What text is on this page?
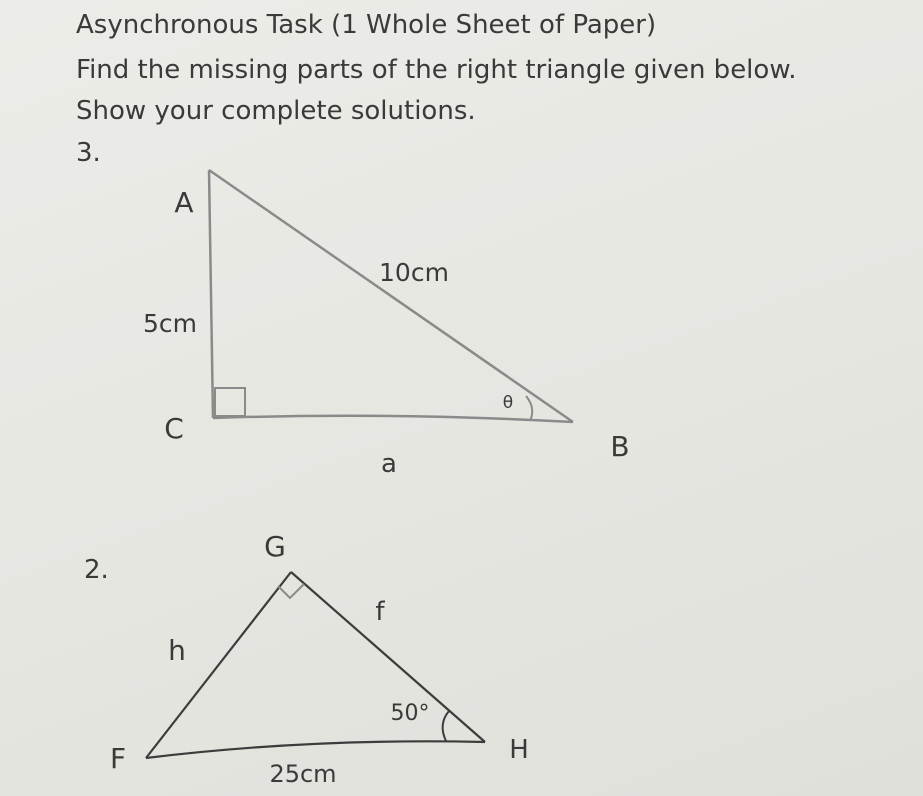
Asynchronous Task (1 Whole Sheet of Paper)

Find the missing parts of the right triangle given below.

Show your complete solutions.

3.

2.
A
B
C
5cm
10cm
a
θ
G
F	H
h
f
25cm
50°
